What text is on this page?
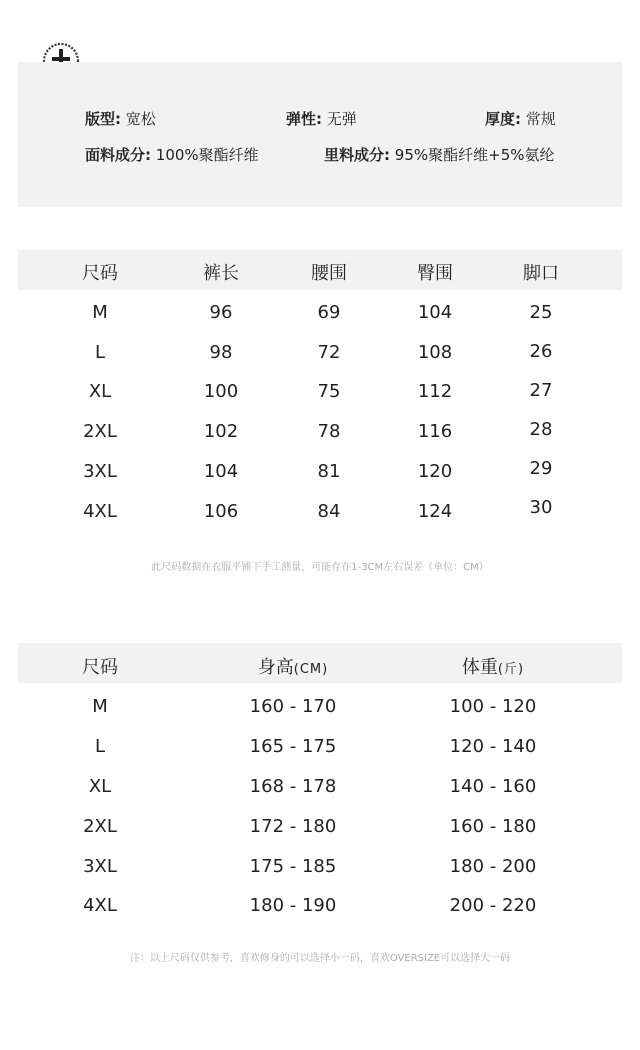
版型: 宽松	弹性: 无弹	厚度: 常规
面料成分: 100%聚酯纤维	里料成分: 95%聚酯纤维+5%氨纶
尺码	裤长	腰围	臀围	脚口
M	96	69	104	25
L	98	72	108	26
XL	100	75	112	27
2XL	102	78	116	28
3XL	104	81	120	29
4XL	106	84	124	30
此尺码数据在衣服平铺下手工测量，可能存在1-3CM左右误差（单位：CM）
尺码	身高(CM)	体重(斤)
M	160 - 170	100 - 120
L	165 - 175	120 - 140
XL	168 - 178	140 - 160
2XL	172 - 180	160 - 180
3XL	175 - 185	180 - 200
4XL	180 - 190	200 - 220
注：以上尺码仅供参考，喜欢修身的可以选择小一码，喜欢OVERSIZE可以选择大一码
